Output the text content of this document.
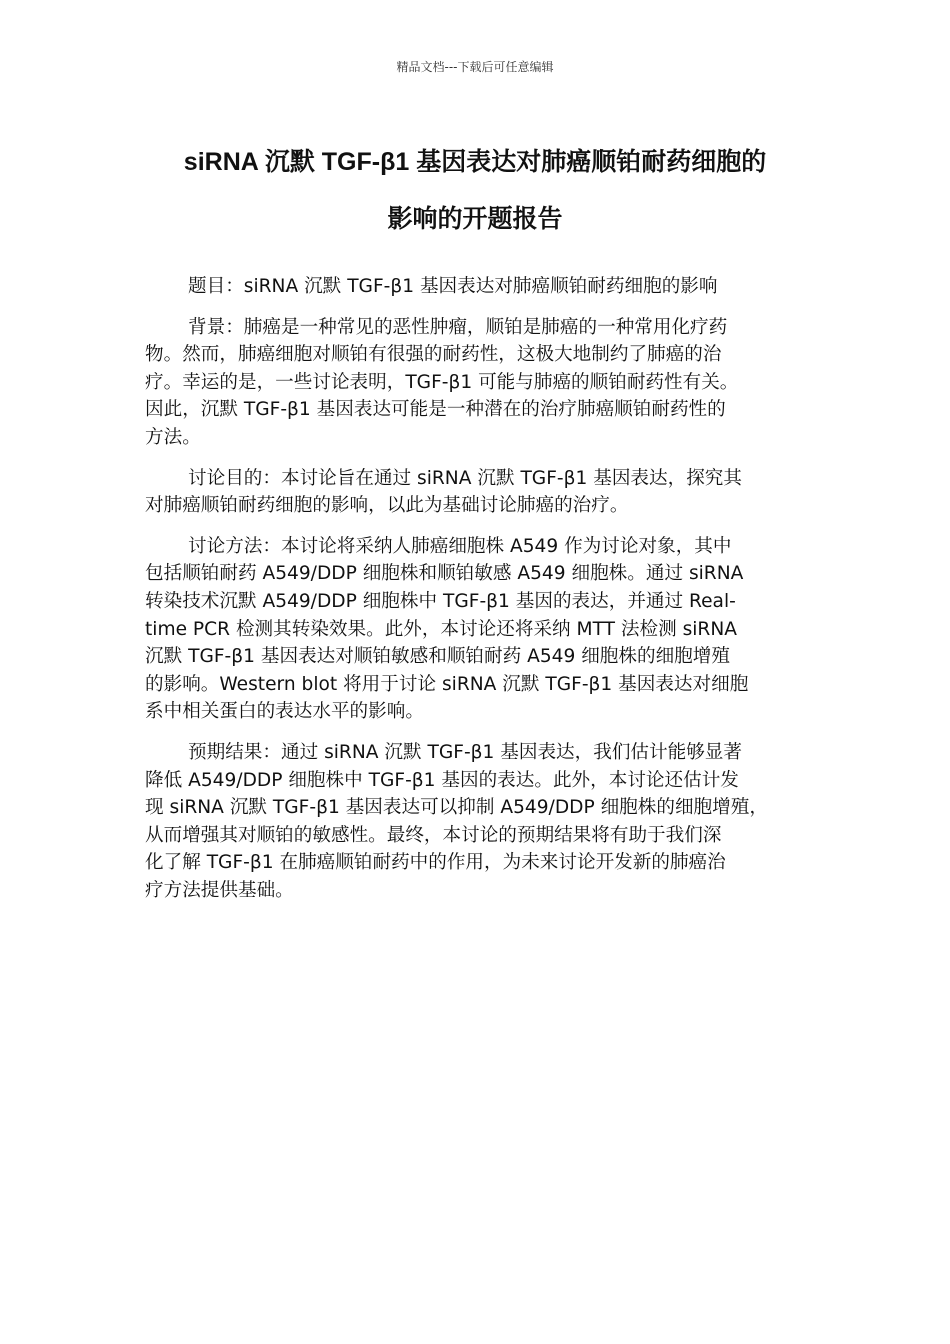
精品文档---下载后可任意编辑
siRNA 沉默 TGF-β1 基因表达对肺癌顺铂耐药细胞的
影响的开题报告

题目：siRNA 沉默 TGF-β1 基因表达对肺癌顺铂耐药细胞的影响

背景：肺癌是一种常见的恶性肿瘤，顺铂是肺癌的一种常用化疗药
物。然而，肺癌细胞对顺铂有很强的耐药性，这极大地制约了肺癌的治
疗。幸运的是，一些讨论表明，TGF-β1 可能与肺癌的顺铂耐药性有关。
因此，沉默 TGF-β1 基因表达可能是一种潜在的治疗肺癌顺铂耐药性的
方法。

讨论目的：本讨论旨在通过 siRNA 沉默 TGF-β1 基因表达，探究其
对肺癌顺铂耐药细胞的影响，以此为基础讨论肺癌的治疗。

讨论方法：本讨论将采纳人肺癌细胞株 A549 作为讨论对象，其中
包括顺铂耐药 A549/DDP 细胞株和顺铂敏感 A549 细胞株。通过 siRNA
转染技术沉默 A549/DDP 细胞株中 TGF-β1 基因的表达，并通过 Real-
time PCR 检测其转染效果。此外，本讨论还将采纳 MTT 法检测 siRNA
沉默 TGF-β1 基因表达对顺铂敏感和顺铂耐药 A549 细胞株的细胞增殖
的影响。Western blot 将用于讨论 siRNA 沉默 TGF-β1 基因表达对细胞
系中相关蛋白的表达水平的影响。

预期结果：通过 siRNA 沉默 TGF-β1 基因表达，我们估计能够显著
降低 A549/DDP 细胞株中 TGF-β1 基因的表达。此外，本讨论还估计发
现 siRNA 沉默 TGF-β1 基因表达可以抑制 A549/DDP 细胞株的细胞增殖，
从而增强其对顺铂的敏感性。最终，本讨论的预期结果将有助于我们深
化了解 TGF-β1 在肺癌顺铂耐药中的作用，为未来讨论开发新的肺癌治
疗方法提供基础。
